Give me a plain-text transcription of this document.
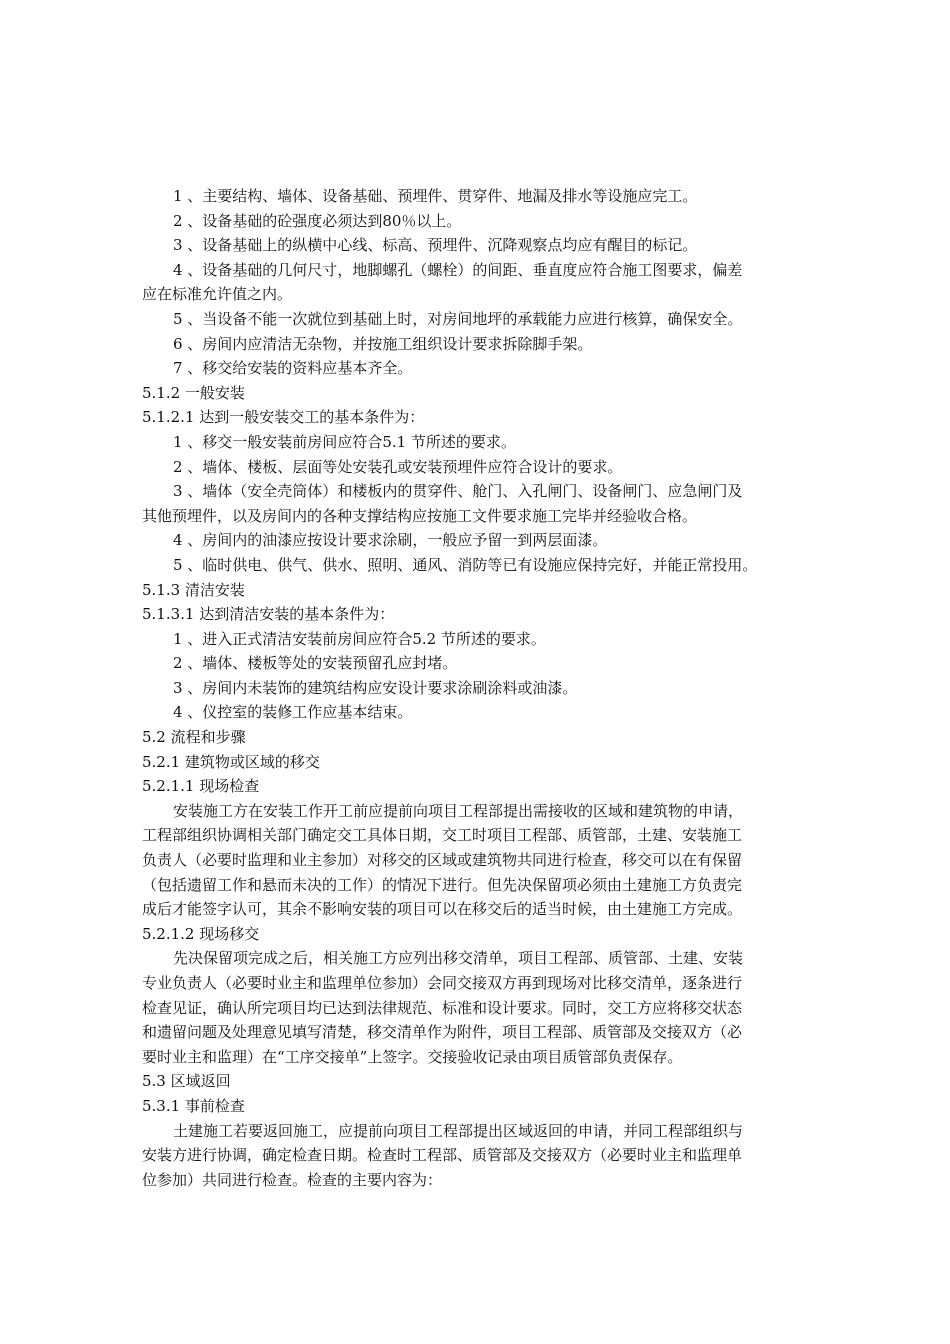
1 、主要结构、墙体、设备基础、预埋件、贯穿件、地漏及排水等设施应完工。
2 、设备基础的砼强度必须达到80％以上。
3 、设备基础上的纵横中心线、标高、预埋件、沉降观察点均应有醒目的标记。
4 、设备基础的几何尺寸，地脚螺孔（螺栓）的间距、垂直度应符合施工图要求，偏差
应在标准允许值之内。
5 、当设备不能一次就位到基础上时，对房间地坪的承载能力应进行核算，确保安全。
6 、房间内应清洁无杂物，并按施工组织设计要求拆除脚手架。
7 、移交给安装的资料应基本齐全。
5.1.2 一般安装
5.1.2.1 达到一般安装交工的基本条件为：
1 、移交一般安装前房间应符合5.1 节所述的要求。
2 、墙体、楼板、层面等处安装孔或安装预埋件应符合设计的要求。
3 、墙体（安全壳筒体）和楼板内的贯穿件、舱门、入孔闸门、设备闸门、应急闸门及
其他预埋件，以及房间内的各种支撑结构应按施工文件要求施工完毕并经验收合格。
4 、房间内的油漆应按设计要求涂刷，一般应予留一到两层面漆。
5 、临时供电、供气、供水、照明、通风、消防等已有设施应保持完好，并能正常投用。
5.1.3 清洁安装
5.1.3.1 达到清洁安装的基本条件为：
1 、进入正式清洁安装前房间应符合5.2 节所述的要求。
2 、墙体、楼板等处的安装预留孔应封堵。
3 、房间内未装饰的建筑结构应安设计要求涂刷涂料或油漆。
4 、仪控室的装修工作应基本结束。
5.2 流程和步骤
5.2.1 建筑物或区域的移交
5.2.1.1 现场检查
安装施工方在安装工作开工前应提前向项目工程部提出需接收的区域和建筑物的申请，
工程部组织协调相关部门确定交工具体日期，交工时项目工程部、质管部，土建、安装施工
负责人（必要时监理和业主参加）对移交的区域或建筑物共同进行检查，移交可以在有保留
（包括遗留工作和悬而未决的工作）的情况下进行。但先决保留项必须由土建施工方负责完
成后才能签字认可，其余不影响安装的项目可以在移交后的适当时候，由土建施工方完成。
5.2.1.2 现场移交
先决保留项完成之后，相关施工方应列出移交清单，项目工程部、质管部、土建、安装
专业负责人（必要时业主和监理单位参加）会同交接双方再到现场对比移交清单，逐条进行
检查见证，确认所完项目均已达到法律规范、标准和设计要求。同时，交工方应将移交状态
和遗留问题及处理意见填写清楚，移交清单作为附件，项目工程部、质管部及交接双方（必
要时业主和监理）在“工序交接单”上签字。交接验收记录由项目质管部负责保存。
5.3 区域返回
5.3.1 事前检查
土建施工若要返回施工，应提前向项目工程部提出区域返回的申请，并同工程部组织与
安装方进行协调，确定检查日期。检查时工程部、质管部及交接双方（必要时业主和监理单
位参加）共同进行检查。检查的主要内容为：
